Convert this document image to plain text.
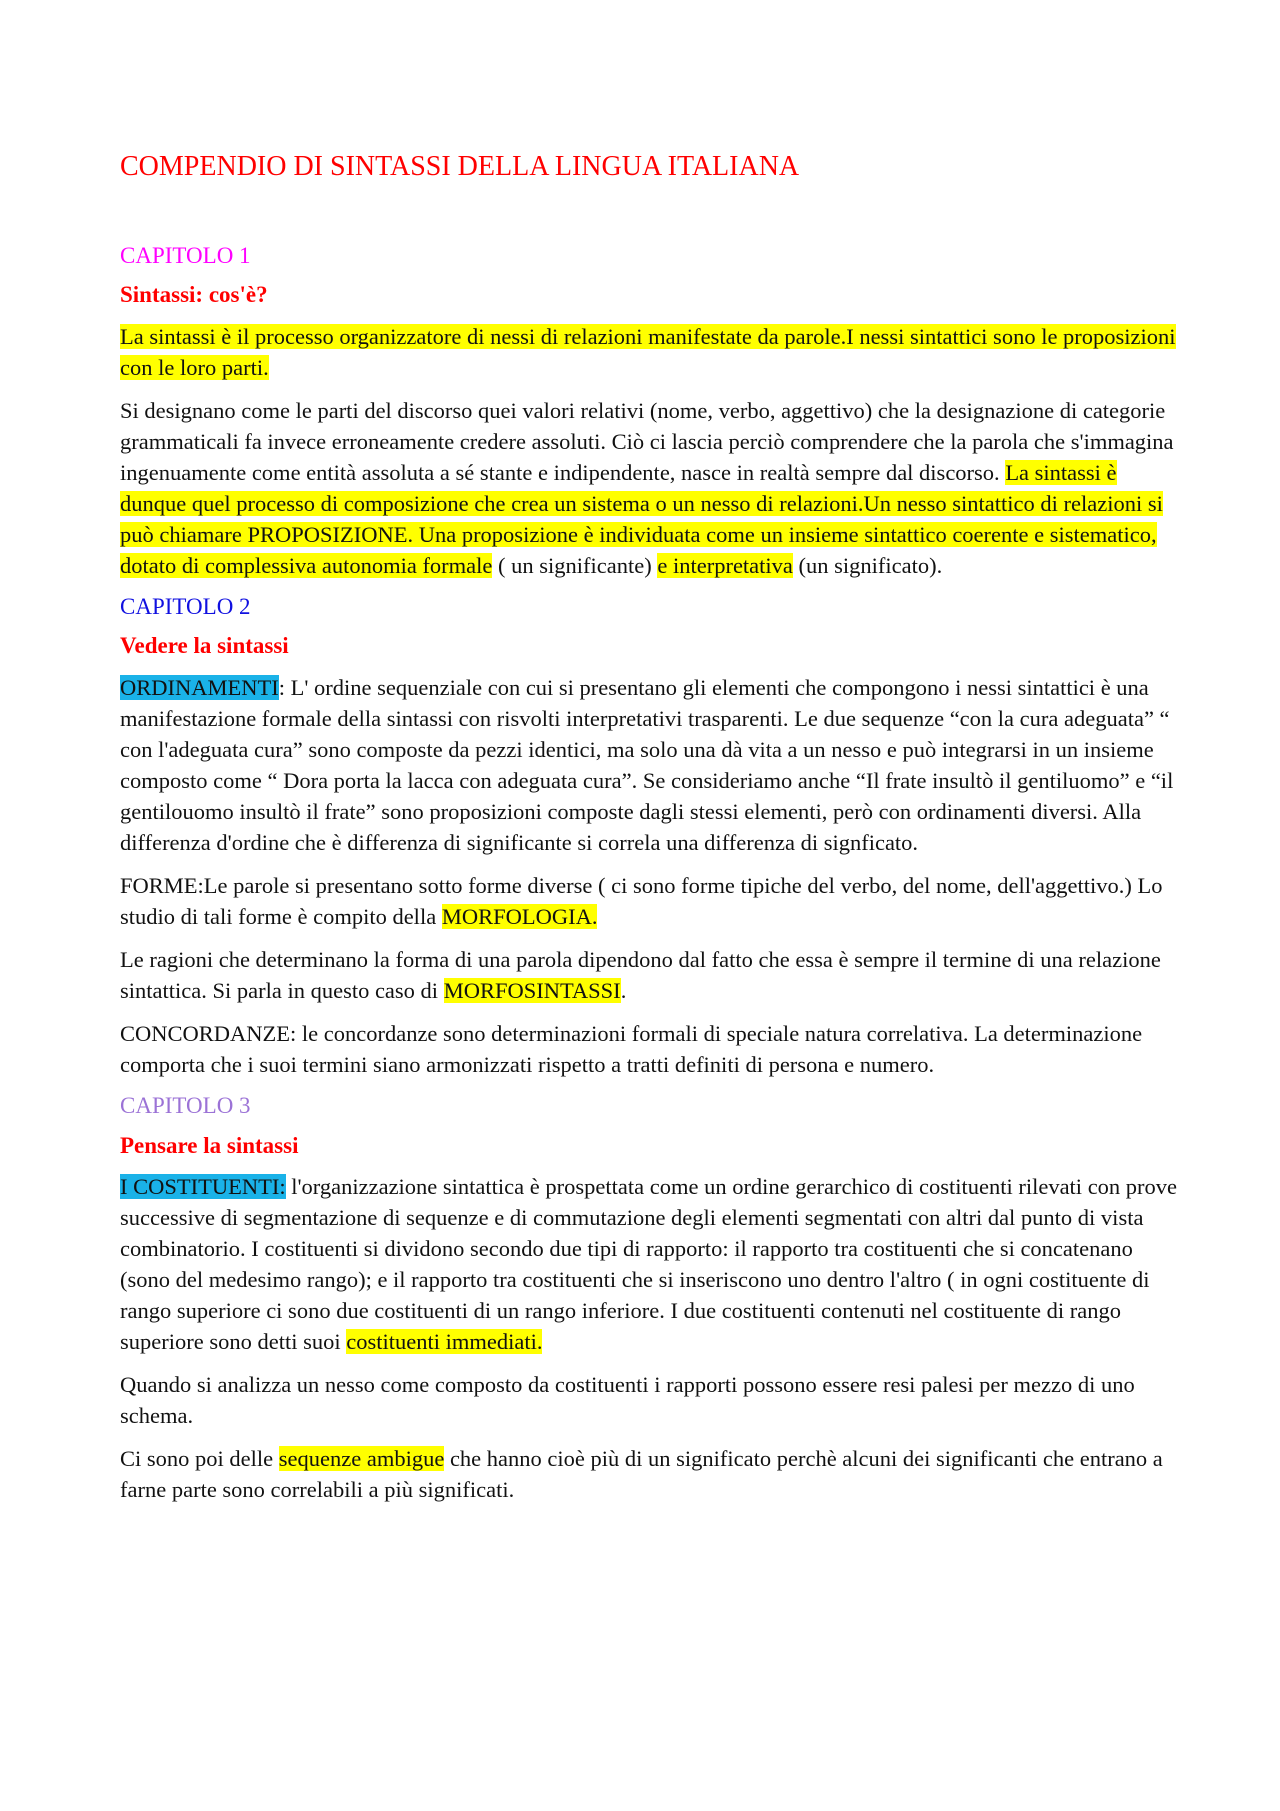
COMPENDIO DI SINTASSI DELLA LINGUA ITALIANA
CAPITOLO 1
Sintassi: cos'è?

La sintassi è il processo organizzatore di nessi di relazioni manifestate da parole.I nessi sintattici sono le proposizioni con le loro parti.

Si designano come le parti del discorso quei valori relativi (nome, verbo, aggettivo) che la designazione di categorie grammaticali fa invece erroneamente credere assoluti. Ciò ci lascia perciò comprendere che la parola che s'immagina ingenuamente come entità assoluta a sé stante e indipendente, nasce in realtà sempre dal discorso. La sintassi è dunque quel processo di composizione che crea un sistema o un nesso di relazioni.Un nesso sintattico di relazioni si può chiamare PROPOSIZIONE. Una proposizione è individuata come un insieme sintattico coerente e sistematico, dotato di complessiva autonomia formale ( un significante) e interpretativa (un significato).

CAPITOLO 2
Vedere la sintassi

ORDINAMENTI: L' ordine sequenziale con cui si presentano gli elementi che compongono i nessi sintattici è una manifestazione formale della sintassi con risvolti interpretativi trasparenti. Le due sequenze “con la cura adeguata” “ con l'adeguata cura” sono composte da pezzi identici, ma solo una dà vita a un nesso e può integrarsi in un insieme composto come “ Dora porta la lacca con adeguata cura”. Se consideriamo anche “Il frate insultò il gentiluomo” e “il gentilouomo insultò il frate” sono proposizioni composte dagli stessi elementi, però con ordinamenti diversi. Alla differenza d'ordine che è differenza di significante si correla una differenza di signficato.

FORME:Le parole si presentano sotto forme diverse ( ci sono forme tipiche del verbo, del nome, dell'aggettivo.) Lo studio di tali forme è compito della MORFOLOGIA.

Le ragioni che determinano la forma di una parola dipendono dal fatto che essa è sempre il termine di una relazione sintattica. Si parla in questo caso di MORFOSINTASSI.

CONCORDANZE: le concordanze sono determinazioni formali di speciale natura correlativa. La determinazione comporta che i suoi termini siano armonizzati rispetto a tratti definiti di persona e numero.

CAPITOLO 3
Pensare la sintassi

I COSTITUENTI: l'organizzazione sintattica è prospettata come un ordine gerarchico di costituenti rilevati con prove successive di segmentazione di sequenze e di commutazione degli elementi segmentati con altri dal punto di vista combinatorio. I costituenti si dividono secondo due tipi di rapporto: il rapporto tra costituenti che si concatenano (sono del medesimo rango); e il rapporto tra costituenti che si inseriscono uno dentro l'altro ( in ogni costituente di rango superiore ci sono due costituenti di un rango inferiore. I due costituenti contenuti nel costituente di rango superiore sono detti suoi costituenti immediati.

Quando si analizza un nesso come composto da costituenti i rapporti possono essere resi palesi per mezzo di uno schema.

Ci sono poi delle sequenze ambigue che hanno cioè più di un significato perchè alcuni dei significanti che entrano a farne parte sono correlabili a più significati.
